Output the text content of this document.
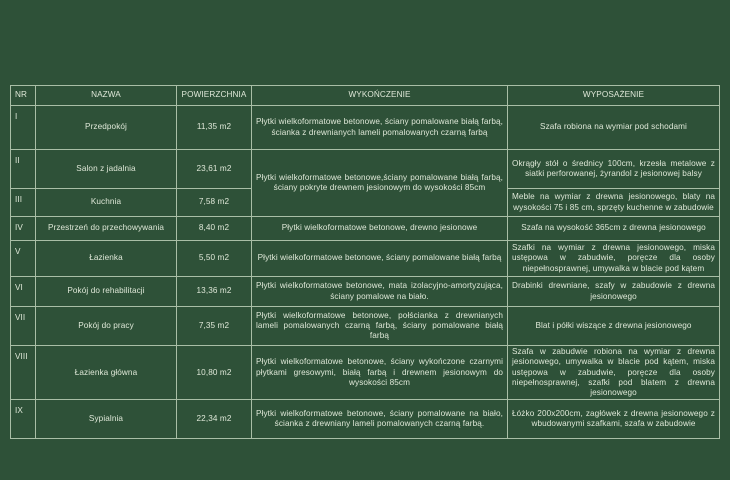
NR	NAZWA	POWIERZCHNIA	WYKOŃCZENIE	WYPOSAŻENIE
I	Przedpokój	11,35 m2	Płytki wielkoformatowe betonowe, ściany pomalowane białą farbą, ścianka z drewnianych lameli pomalowanych czarną farbą	Szafa robiona na wymiar pod schodami
II	Salon z jadalnia	23,61 m2	Płytki wielkoformatowe betonowe,ściany pomalowane białą farbą, ściany pokryte drewnem jesionowym do wysokości 85cm	Okrągły stół o średnicy 100cm, krzesła metalowe z siatki perforowanej, żyrandol z jesionowej balsy
III	Kuchnia	7,58 m2		Meble na wymiar z drewna jesionowego, blaty na wysokości 75 i 85 cm, sprzęty kuchenne w zabudowie
IV	Przestrzeń do przechowywania	8,40 m2	Płytki wielkoformatowe betonowe, drewno jesionowe	Szafa na wysokość 365cm z drewna jesionowego
V	Łazienka	5,50 m2	Płytki wielkoformatowe betonowe, ściany pomalowane białą farbą	Szafki na wymiar z drewna jesionowego, miska ustępowa w zabudwie, poręcze dla osoby niepełnosprawnej, umywalka w blacie pod kątem
VI	Pokój do rehabilitacji	13,36 m2	Płytki wielkoformatowe betonowe, mata izolacyjno-amortyzująca, ściany pomalowe na biało.	Drabinki drewniane, szafy w zabudowie z drewna jesionowego
VII	Pokój do pracy	7,35 m2	Płytki wielkoformatowe betonowe, połścianka z drewnianych lameli pomalowanych czarną farbą, ściany pomalowane białą farbą	Blat i półki wiszące z drewna jesionowego
VIII	Łazienka główna	10,80 m2	Płytki wielkoformatowe betonowe, ściany wykończone czarnymi płytkami gresowymi, białą farbą i drewnem jesionowym do wysokości 85cm	Szafa w zabudwie robiona na wymiar z drewna jesionowego, umywalka w blacie pod kątem, miska ustępowa w zabudwie, poręcze dla osoby niepełnosprawnej, szafki pod blatem z drewna jesionowego
IX	Sypialnia	22,34 m2	Płytki wielkoformatowe betonowe, ściany pomalowane na biało, ścianka z drewniany lameli pomalowanych czarną farbą.	Łóżko 200x200cm, zagłówek z drewna jesionowego z wbudowanymi szafkami, szafa w zabudowie
